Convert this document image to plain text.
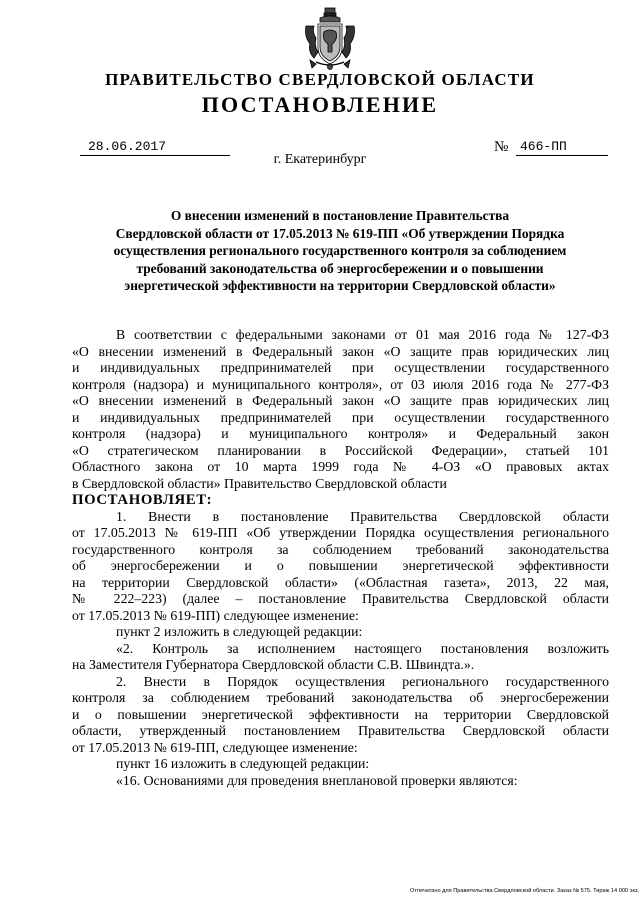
ПРАВИТЕЛЬСТВО СВЕРДЛОВСКОЙ ОБЛАСТИ
ПОСТАНОВЛЕНИЕ
28.06.2017	№ 466-ПП
г. Екатеринбург
О внесении изменений в постановление Правительства
Свердловской области от 17.05.2013 № 619-ПП «Об утверждении Порядка
осуществления регионального государственного контроля за соблюдением
требований законодательства об энергосбережении и о повышении
энергетической эффективности на территории Свердловской области»
В соответствии с федеральными законами от 01 мая 2016 года № 127-ФЗ
«О внесении изменений в Федеральный закон «О защите прав юридических лиц
и индивидуальных предпринимателей при осуществлении государственного
контроля (надзора) и муниципального контроля», от 03 июля 2016 года № 277-ФЗ
«О внесении изменений в Федеральный закон «О защите прав юридических лиц
и индивидуальных предпринимателей при осуществлении государственного
контроля (надзора) и муниципального контроля» и Федеральный закон
«О стратегическом планировании в Российской Федерации», статьей 101
Областного закона от 10 марта 1999 года № 4-ОЗ «О правовых актах
в Свердловской области» Правительство Свердловской области
ПОСТАНОВЛЯЕТ:
1. Внести в постановление Правительства Свердловской области
от 17.05.2013 № 619-ПП «Об утверждении Порядка осуществления регионального
государственного контроля за соблюдением требований законодательства
об энергосбережении и о повышении энергетической эффективности
на территории Свердловской области» («Областная газета», 2013, 22 мая,
№ 222–223) (далее – постановление Правительства Свердловской области
от 17.05.2013 № 619-ПП) следующее изменение:
пункт 2 изложить в следующей редакции:
«2. Контроль за исполнением настоящего постановления возложить
на Заместителя Губернатора Свердловской области С.В. Швиндта.».
2. Внести в Порядок осуществления регионального государственного
контроля за соблюдением требований законодательства об энергосбережении
и о повышении энергетической эффективности на территории Свердловской
области, утвержденный постановлением Правительства Свердловской области
от 17.05.2013 № 619-ПП, следующее изменение:
пункт 16 изложить в следующей редакции:
«16. Основаниями для проведения внеплановой проверки являются:
Отпечатано для Правительства Свердловской области. Заказ № 575. Тираж 14 000 экз.
